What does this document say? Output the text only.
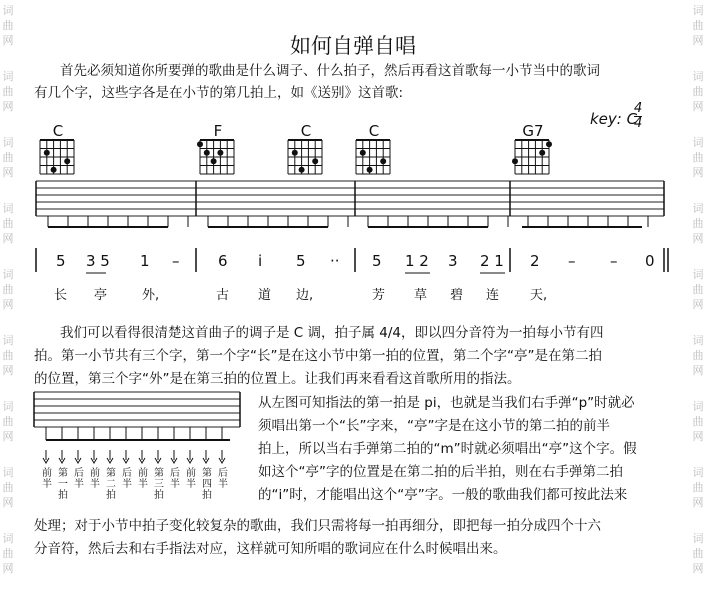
词
曲
网
词
曲
网
词
曲
网
词
曲
网
词
曲
网
词
曲
网
词
曲
网
词
曲
网
词
曲
网
词
曲
网
词
曲
网
词
曲
网
词
曲
网
词
曲
网
词
曲
网
词
曲
网
词
曲
网
词
曲
网
如何自弹自唱
首先必须知道你所要弹的歌曲是什么调子、什么拍子，然后再看这首歌每一小节当中的歌词
有几个字，这些字各是在小节的第几拍上，如《送别》这首歌:
key: C
$\frac{4}{4}$
C	F	C	C	G7
5 3 5 1 –	6 i 5 ·· 5 1 2 3 2 1 2 – – 0
长 亭	外,	古 道 边,	芳 草 碧 连 天,
我们可以看得很清楚这首曲子的调子是 C 调，拍子属 4/4，即以四分音符为一拍每小节有四
拍。第一小节共有三个字，第一个字“长”是在这小节中第一拍的位置，第二个字“亭”是在第二拍
的位置，第三个字“外”是在第三拍的位置上。让我们再来看看这首歌所用的指法。
从左图可知指法的第一拍是 pi，也就是当我们右手弹“p”时就必
须唱出第一个“长”字来，“亭”字是在这小节的第二拍的前半
拍上，所以当右手弹第二拍的“m”时就必须唱出“亭”这个字。假
如这个“亭”字的位置是在第二拍的后半拍，则在右手弹第二拍
的“i”时，才能唱出这个“亭”字。一般的歌曲我们都可按此法来
处理；对于小节中拍子变化较复杂的歌曲，我们只需将每一拍再细分，即把每一拍分成四个十六
分音符，然后去和右手指法对应，这样就可知所唱的歌词应在什么时候唱出来。
前半
第一拍
后半
前半
第二拍
后半
前半
第三拍
后半
前半
第四拍
后半
